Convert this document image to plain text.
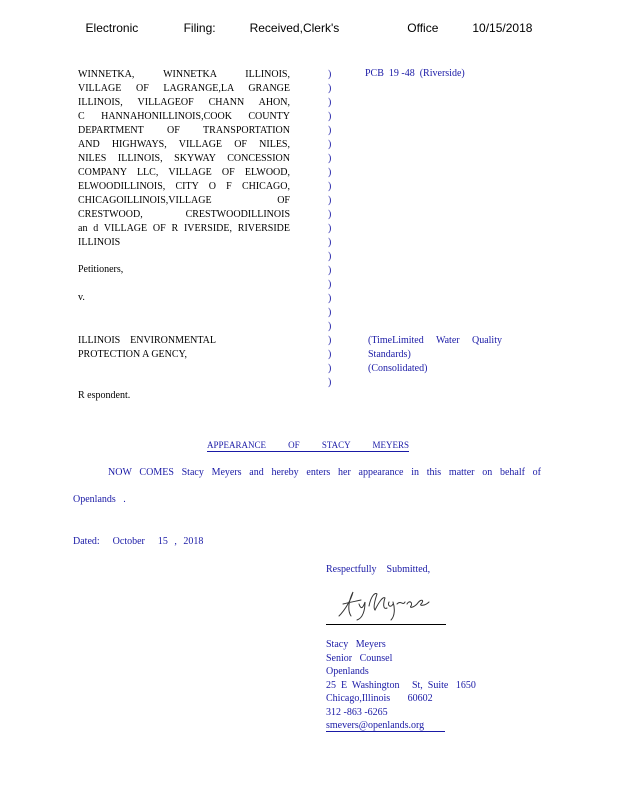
Electronic    Filing:   Received,Clerk's      Office   10/15/2018
WINNETKA, WINNETKA ILLINOIS,
VILLAGE OF LAGRANGE,LA GRANGE
ILLINOIS, VILLAGEOF CHANN AHON,
C HANNAHONILLINOIS,COOK COUNTY
DEPARTMENT OF TRANSPORTATION
AND HIGHWAYS, VILLAGE OF NILES,
NILES ILLINOIS, SKYWAY CONCESSION
COMPANY LLC, VILLAGE OF ELWOOD,
ELWOODILLINOIS, CITY O F CHICAGO,
CHICAGOILLINOIS,VILLAGE OF
CRESTWOOD, CRESTWOODILLINOIS
an d VILLAGE OF R IVERSIDE, RIVERSIDE
ILLINOIS
)
)
)
)
)
)
)
)
)
)
)
)
)
)
)
)
)
)
)
)
)
)
)
PCB  19 -48  (Riverside)
Petitioners,
v.
ILLINOIS ENVIRONMENTAL
PROTECTION A GENCY,
(TimeLimited Water Quality
Standards)
(Consolidated)
R espondent.
APPEARANCE OF STACY MEYERS
NOW COMES Stacy Meyers and hereby enters her appearance in this matter on behalf of
Openlands   .
Dated:  October  15 , 2018
Respectfully    Submitted,
Stacy   Meyers
Senior   Counsel
Openlands
25  E  Washington     St,  Suite   1650
Chicago,Illinois       60602
312 -863 -6265
smevers@openlands.org
